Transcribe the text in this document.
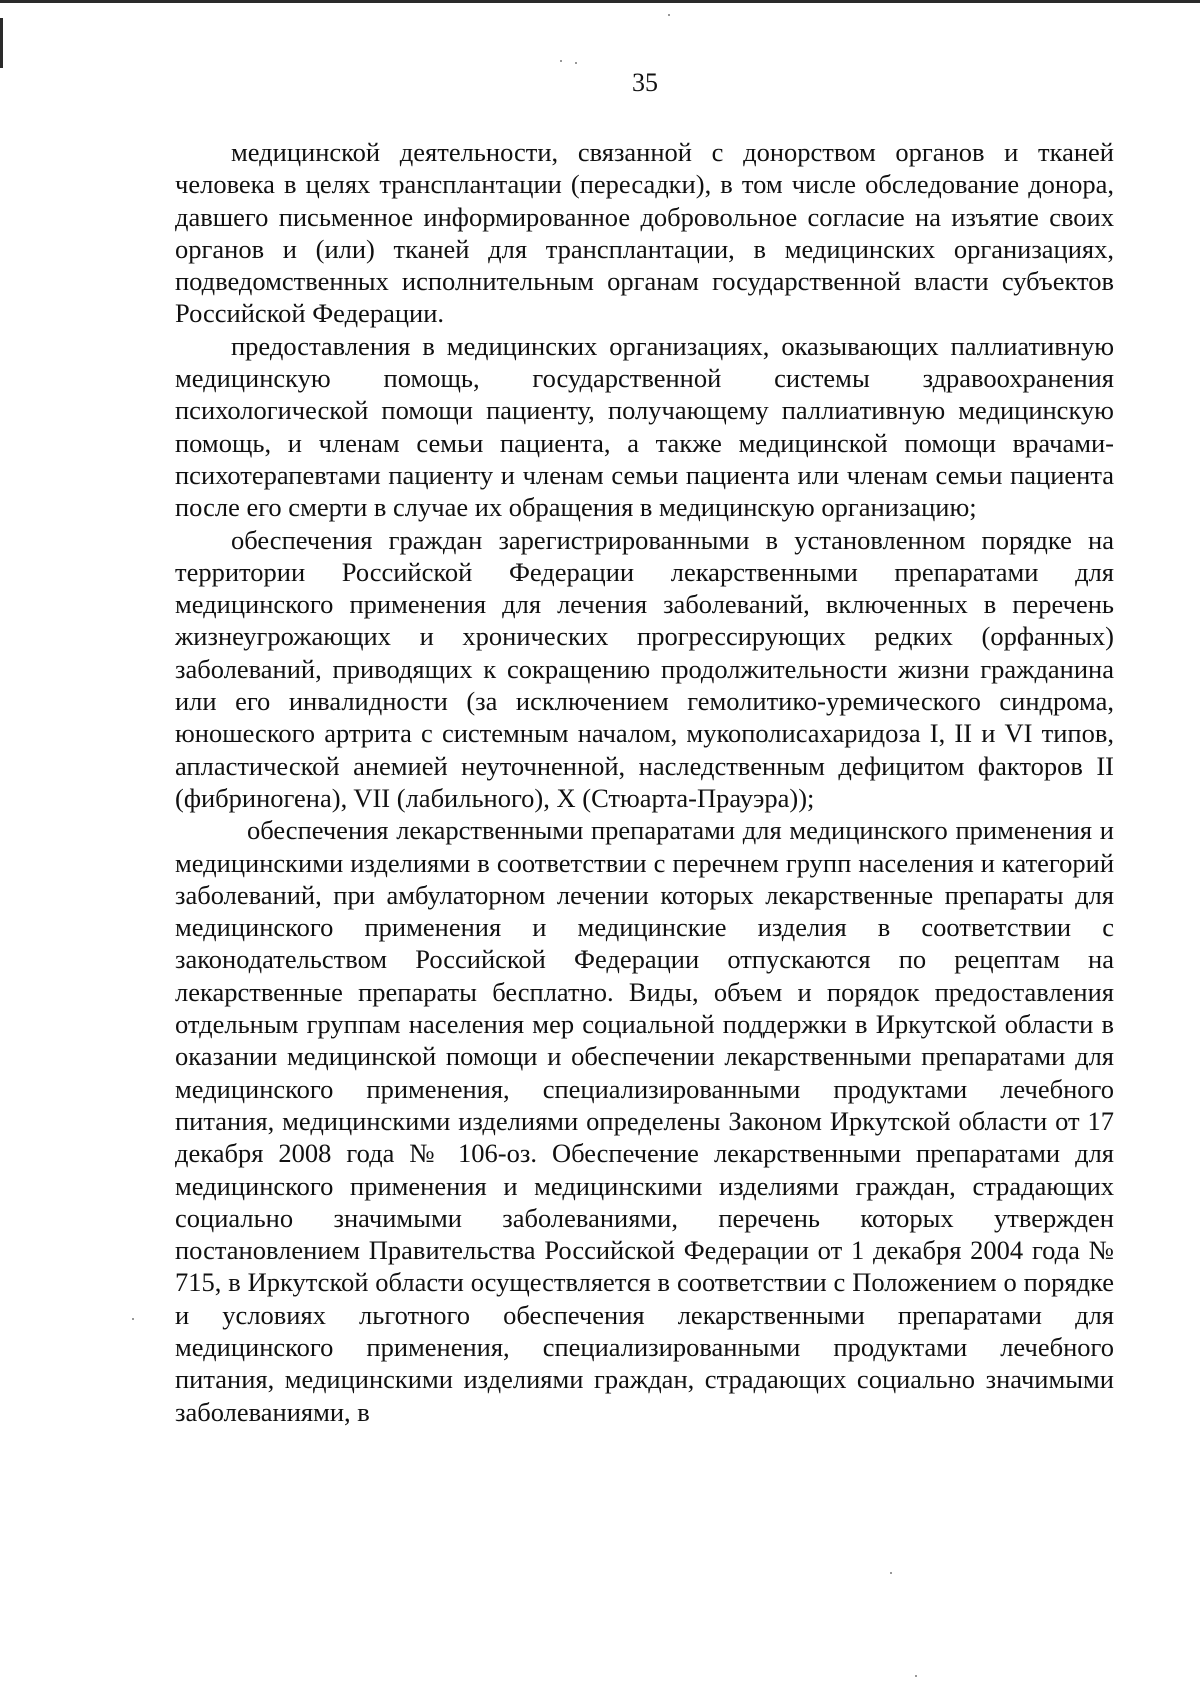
35

медицинской деятельности, связанной с донорством органов и тканей человека в целях трансплантации (пересадки), в том числе обследование донора, давшего письменное информированное добровольное согласие на изъятие своих органов и (или) тканей для трансплантации, в медицинских организациях, подведомственных исполнительным органам государственной власти субъектов Российской Федерации.

предоставления в медицинских организациях, оказывающих паллиативную медицинскую помощь, государственной системы здравоохранения психологической помощи пациенту, получающему паллиативную медицинскую помощь, и членам семьи пациента, а также медицинской помощи врачами-психотерапевтами пациенту и членам семьи пациента или членам семьи пациента после его смерти в случае их обращения в медицинскую организацию;

обеспечения граждан зарегистрированными в установленном порядке на территории Российской Федерации лекарственными препаратами для медицинского применения для лечения заболеваний, включенных в перечень жизнеугрожающих и хронических прогрессирующих редких (орфанных) заболеваний, приводящих к сокращению продолжительности жизни гражданина или его инвалидности (за исключением гемолитико-уремического синдрома, юношеского артрита с системным началом, мукополисахаридоза I, II и VI типов, апластической анемией неуточненной, наследственным дефицитом факторов II (фибриногена), VII (лабильного), X (Стюарта-Прауэра));

обеспечения лекарственными препаратами для медицинского применения и медицинскими изделиями в соответствии с перечнем групп населения и категорий заболеваний, при амбулаторном лечении которых лекарственные препараты для медицинского применения и медицинские изделия в соответствии с законодательством Российской Федерации отпускаются по рецептам на лекарственные препараты бесплатно. Виды, объем и порядок предоставления отдельным группам населения мер социальной поддержки в Иркутской области в оказании медицинской помощи и обеспечении лекарственными препаратами для медицинского применения, специализированными продуктами лечебного питания, медицинскими изделиями определены Законом Иркутской области от 17 декабря 2008 года № 106-оз. Обеспечение лекарственными препаратами для медицинского применения и медицинскими изделиями граждан, страдающих социально значимыми заболеваниями, перечень которых утвержден постановлением Правительства Российской Федерации от 1 декабря 2004 года № 715, в Иркутской области осуществляется в соответствии с Положением о порядке и условиях льготного обеспечения лекарственными препаратами для медицинского применения, специализированными продуктами лечебного питания, медицинскими изделиями граждан, страдающих социально значимыми заболеваниями, в
